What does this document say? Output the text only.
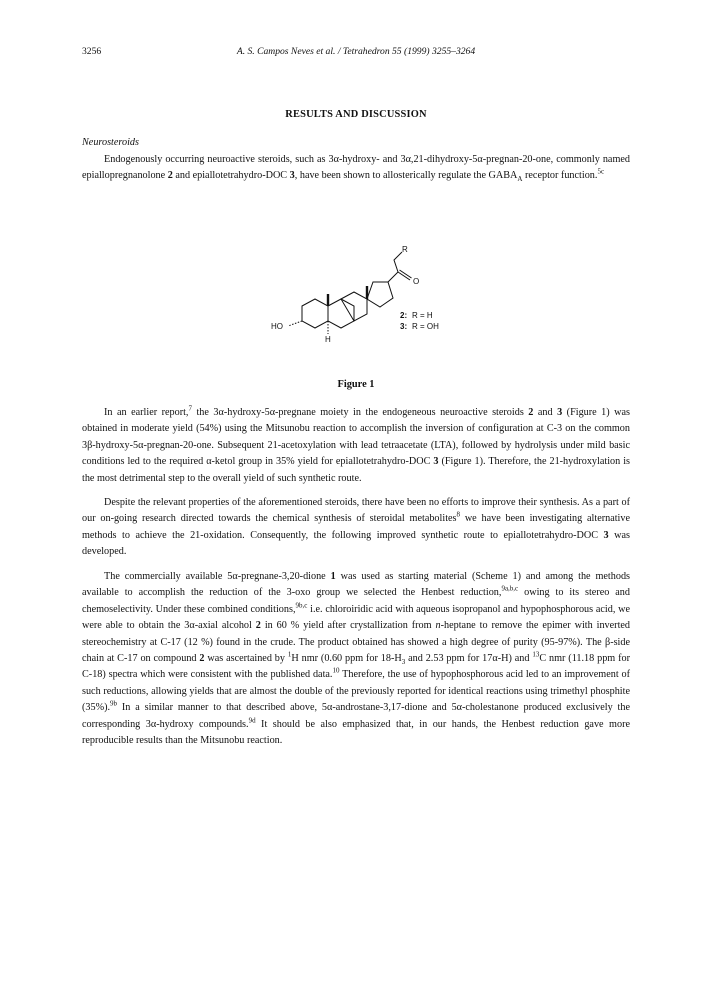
3256	A. S. Campos Neves et al. / Tetrahedron 55 (1999) 3255–3264
RESULTS AND DISCUSSION
Neurosteroids

Endogenously occurring neuroactive steroids, such as 3α-hydroxy- and 3α,21-dihydroxy-5α-pregnan-20-one, commonly named epiallopregnanolone 2 and epiallotetrahydro-DOC 3, have been shown to allosterically regulate the $GABA_A$ receptor function.$^{5c}$

R
O
HO
H
2: R = H
3: R = OH
Figure 1

In an earlier report,$^7$ the 3α-hydroxy-5α-pregnane moiety in the endogeneous neuroactive steroids 2 and 3 (Figure 1) was obtained in moderate yield (54%) using the Mitsunobu reaction to accomplish the inversion of configuration at C-3 on the common 3β-hydroxy-5α-pregnan-20-one. Subsequent 21-acetoxylation with lead tetraacetate (LTA), followed by hydrolysis under mild basic conditions led to the required α-ketol group in 35% yield for epiallotetrahydro-DOC 3 (Figure 1). Therefore, the 21-hydroxylation is the most detrimental step to the overall yield of such synthetic route.

Despite the relevant properties of the aforementioned steroids, there have been no efforts to improve their synthesis. As a part of our on-going research directed towards the chemical synthesis of steroidal metabolites$^8$ we have been investigating alternative methods to achieve the 21-oxidation. Consequently, the following improved synthetic route to epiallotetrahydro-DOC 3 was developed.

The commercially available 5α-pregnane-3,20-dione 1 was used as starting material (Scheme 1) and among the methods available to accomplish the reduction of the 3-oxo group we selected the Henbest reduction,$^{9a,b,c}$ owing to its stereo and chemoselectivity. Under these combined conditions,$^{9b,c}$ i.e. chloroiridic acid with aqueous isopropanol and hypophosphorous acid, we were able to obtain the 3α-axial alcohol 2 in 60 % yield after crystallization from n-heptane to remove the epimer with inverted stereochemistry at C-17 (12 %) found in the crude. The product obtained has showed a high degree of purity (95-97%). The β-side chain at C-17 on compound 2 was ascertained by $^1$H nmr (0.60 ppm for $18-H_3$ and 2.53 ppm for 17α-H) and $^{13}$C nmr (11.18 ppm for C-18) spectra which were consistent with the published data.$^{10}$ Therefore, the use of hypophosphorous acid led to an improvement of such reductions, allowing yields that are almost the double of the previously reported for identical reactions using trimethyl phosphite (35%).$^{9b}$ In a similar manner to that described above, 5α-androstane-3,17-dione and 5α-cholestanone produced exclusively the corresponding 3α-hydroxy compounds.$^{9d}$ It should be also emphasized that, in our hands, the Henbest reduction gave more reproducible results than the Mitsunobu reaction.
